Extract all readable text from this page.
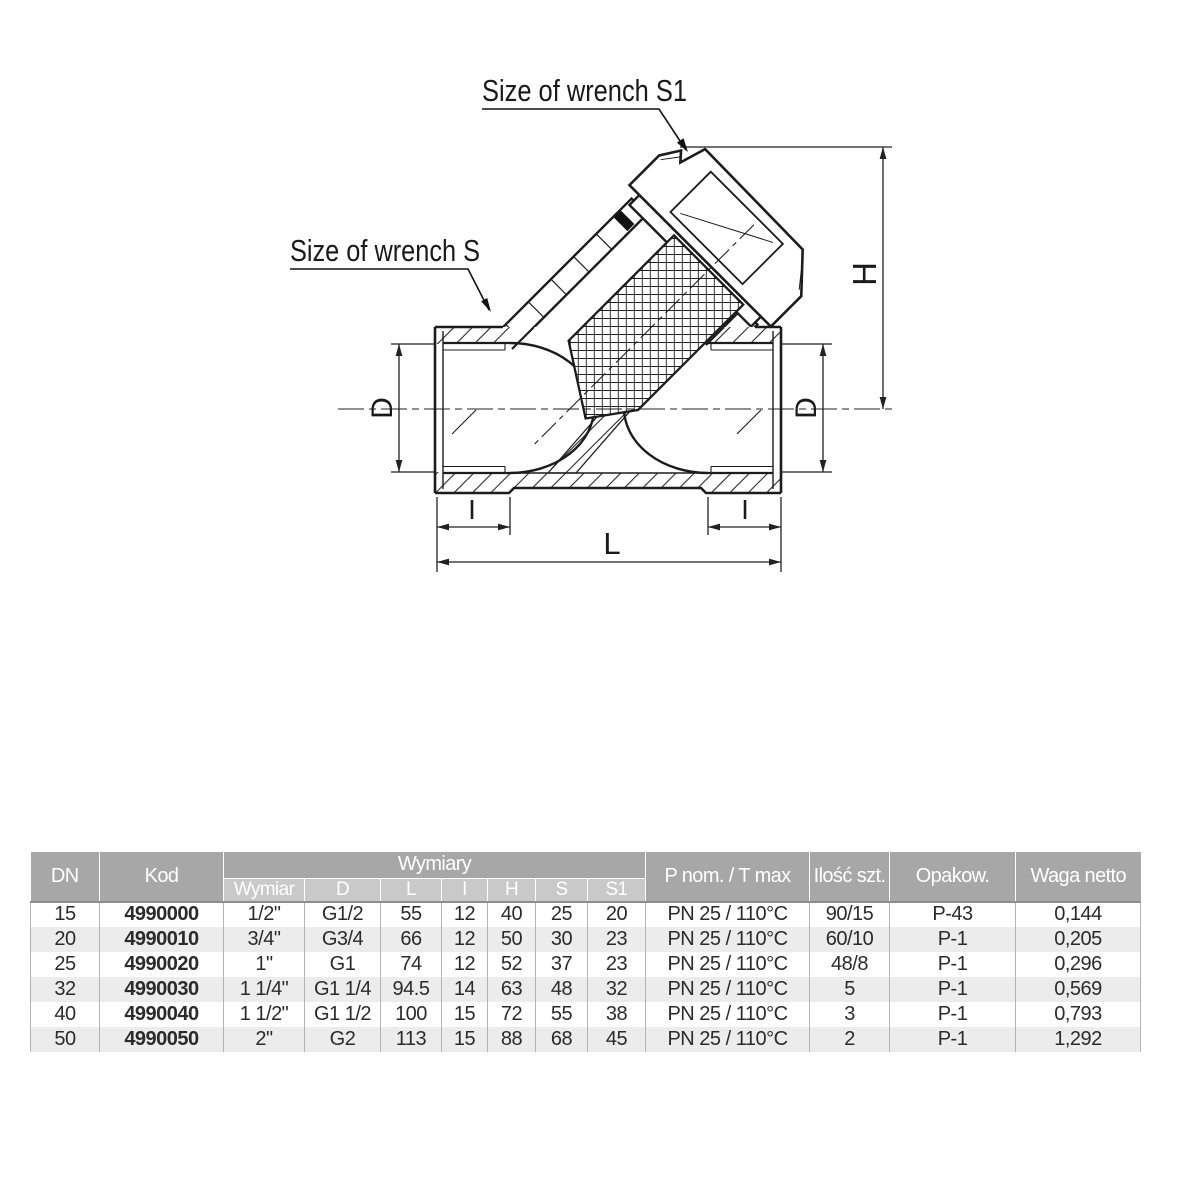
D	D
H
I	I
L
Size of wrench S1
Size of wrench S
DN	Kod	Wymiary							P nom. / T max	Ilość szt.	Opakow.	Waga netto
		Wymiar	D	L	I	H	S	S1				
15	4990000	1/2"	G1/2	55	12	40	25	20	PN 25 / 110°C	90/15	P-43	0,144
20	4990010	3/4"	G3/4	66	12	50	30	23	PN 25 / 110°C	60/10	P-1	0,205
25	4990020	1"	G1	74	12	52	37	23	PN 25 / 110°C	48/8	P-1	0,296
32	4990030	1 1/4"	G1 1/4	94.5	14	63	48	32	PN 25 / 110°C	5	P-1	0,569
40	4990040	1 1/2"	G1 1/2	100	15	72	55	38	PN 25 / 110°C	3	P-1	0,793
50	4990050	2"	G2	113	15	88	68	45	PN 25 / 110°C	2	P-1	1,292
